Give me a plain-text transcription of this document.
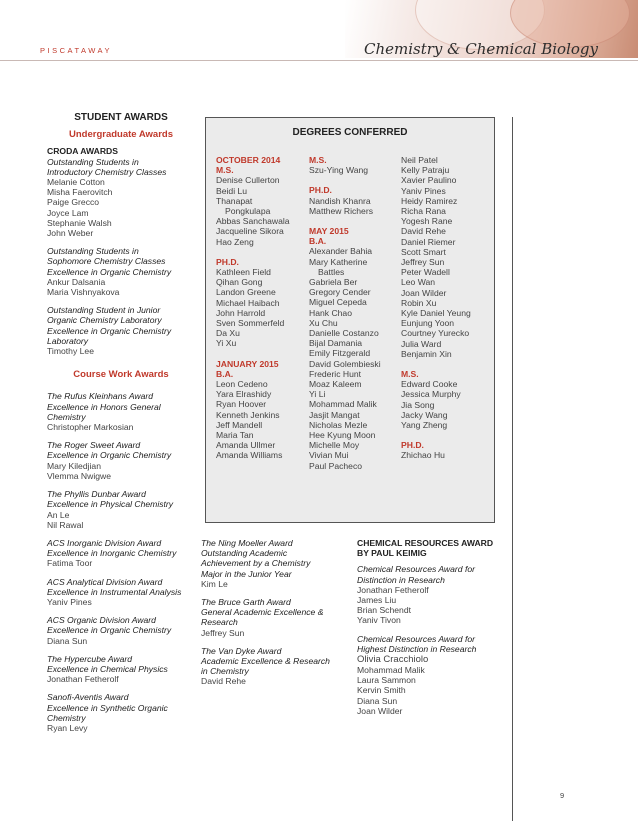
PISCATAWAY	Chemistry & Chemical Biology

STUDENT AWARDS

Undergraduate Awards

CRODA AWARDS

Outstanding Students in

Introductory Chemistry Classes

Melanie Cotton

Misha Faerovitch

Paige Grecco

Joyce Lam

Stephanie Walsh

John Weber

Outstanding Students in

Sophomore Chemistry Classes

Excellence in Organic Chemistry

Ankur Dalsania

Maria Vishnyakova

Outstanding Student in Junior

Organic Chemistry Laboratory

Excellence in Organic Chemistry

Laboratory

Timothy Lee

Course Work Awards

The Rufus Kleinhans Award

Excellence in Honors General

Chemistry

Christopher Markosian

The Roger Sweet Award

Excellence in Organic Chemistry

Mary Kiledjian

Vlemma Nwigwe

The Phyllis Dunbar Award

Excellence in Physical Chemistry

An Le

Nil Rawal

ACS Inorganic Division Award

Excellence in Inorganic Chemistry

Fatima Toor

ACS Analytical Division Award

Excellence in Instrumental Analysis

Yaniv Pines

ACS Organic Division Award

Excellence in Organic Chemistry

Diana Sun

The Hypercube Award

Excellence in Chemical Physics

Jonathan Fetherolf

Sanofi-Aventis Award

Excellence in Synthetic Organic

Chemistry

Ryan Levy

DEGREES CONFERRED

OCTOBER 2014

M.S.

Denise Cullerton

Beidi Lu

Thanapat

Pongkulapa

Abbas Sanchawala

Jacqueline Sikora

Hao Zeng

PH.D.

Kathleen Field

Qihan Gong

Landon Greene

Michael Haibach

John Harrold

Sven Sommerfeld

Da Xu

Yi Xu

JANUARY 2015

B.A.

Leon Cedeno

Yara Elrashidy

Ryan Hoover

Kenneth Jenkins

Jeff Mandell

Maria Tan

Amanda Ullmer

Amanda Williams

M.S.

Szu-Ying Wang

PH.D.

Nandish Khanra

Matthew Richers

MAY 2015

B.A.

Alexander Bahia

Mary Katherine

Battles

Gabriela Ber

Gregory Cender

Miguel Cepeda

Hank Chao

Xu Chu

Danielle Costanzo

Bijal Damania

Emily Fitzgerald

David Golembieski

Frederic Hunt

Moaz Kaleem

Yi Li

Mohammad Malik

Jasjit Mangat

Nicholas Mezle

Hee Kyung Moon

Michelle Moy

Vivian Mui

Paul Pacheco

Neil Patel

Kelly Patraju

Xavier Paulino

Yaniv Pines

Heidy Ramirez

Richa Rana

Yogesh Rane

David Rehe

Daniel Riemer

Scott Smart

Jeffrey Sun

Peter Wadell

Leo Wan

Joan Wilder

Robin Xu

Kyle Daniel Yeung

Eunjung Yoon

Courtney Yurecko

Julia Ward

Benjamin Xin

M.S.

Edward Cooke

Jessica Murphy

Jia Song

Jacky Wang

Yang Zheng

PH.D.

Zhichao Hu

The Ning Moeller Award

Outstanding Academic

Achievement by a Chemistry

Major in the Junior Year

Kim Le

The Bruce Garth Award

General Academic Excellence &

Research

Jeffrey Sun

The Van Dyke Award

Academic Excellence & Research

in Chemistry

David Rehe

CHEMICAL RESOURCES AWARD

BY PAUL KEIMIG

Chemical Resources Award for

Distinction in Research

Jonathan Fetherolf

James Liu

Brian Schendt

Yaniv Tivon

Chemical Resources Award for

Highest Distinction in Research

Olivia Cracchiolo

Mohammad Malik

Laura Sammon

Kervin Smith

Diana Sun

Joan Wilder

9
